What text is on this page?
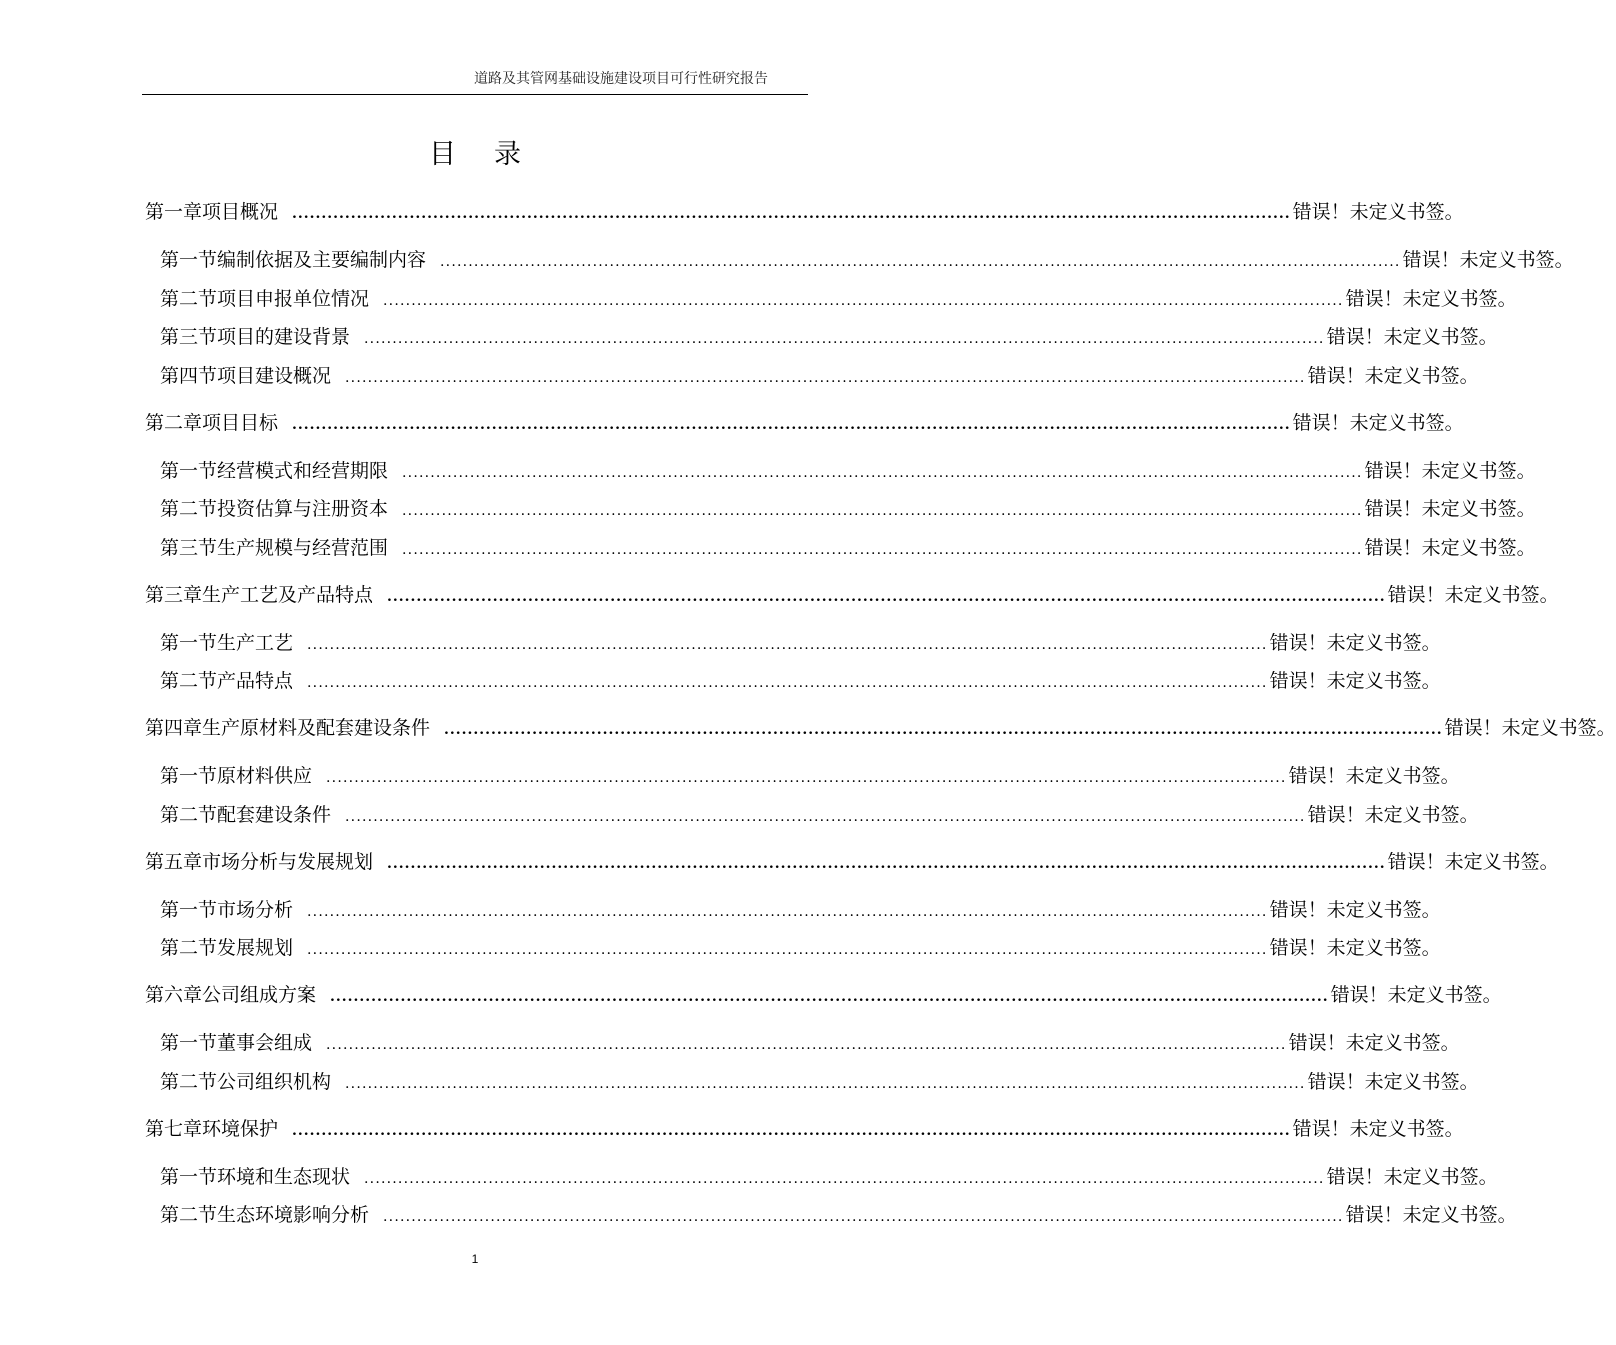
道路及其管网基础设施建设项目可行性研究报告
目录
第一章 项目概况 .......................................................................................................................................................................... 错误！未定义书签。
第一节 编制依据及主要编制内容 .......................................................................................................................................................................... 错误！未定义书签。
第二节 项目申报单位情况 .......................................................................................................................................................................... 错误！未定义书签。
第三节 项目的建设背景 .......................................................................................................................................................................... 错误！未定义书签。
第四节 项目建设概况 .......................................................................................................................................................................... 错误！未定义书签。
第二章 项目目标 .......................................................................................................................................................................... 错误！未定义书签。
第一节 经营模式和经营期限 .......................................................................................................................................................................... 错误！未定义书签。
第二节 投资估算与注册资本 .......................................................................................................................................................................... 错误！未定义书签。
第三节 生产规模与经营范围 .......................................................................................................................................................................... 错误！未定义书签。
第三章 生产工艺及产品特点 .......................................................................................................................................................................... 错误！未定义书签。
第一节 生产工艺 .......................................................................................................................................................................... 错误！未定义书签。
第二节 产品特点 .......................................................................................................................................................................... 错误！未定义书签。
第四章 生产原材料及配套建设条件 .......................................................................................................................................................................... 错误！未定义书签。
第一节 原材料供应 .......................................................................................................................................................................... 错误！未定义书签。
第二节 配套建设条件 .......................................................................................................................................................................... 错误！未定义书签。
第五章 市场分析与发展规划 .......................................................................................................................................................................... 错误！未定义书签。
第一节 市场分析 .......................................................................................................................................................................... 错误！未定义书签。
第二节 发展规划 .......................................................................................................................................................................... 错误！未定义书签。
第六章 公司组成方案 .......................................................................................................................................................................... 错误！未定义书签。
第一节 董事会组成 .......................................................................................................................................................................... 错误！未定义书签。
第二节 公司组织机构 .......................................................................................................................................................................... 错误！未定义书签。
第七章 环境保护 .......................................................................................................................................................................... 错误！未定义书签。
第一节 环境和生态现状 .......................................................................................................................................................................... 错误！未定义书签。
第二节 生态环境影响分析 .......................................................................................................................................................................... 错误！未定义书签。
1
